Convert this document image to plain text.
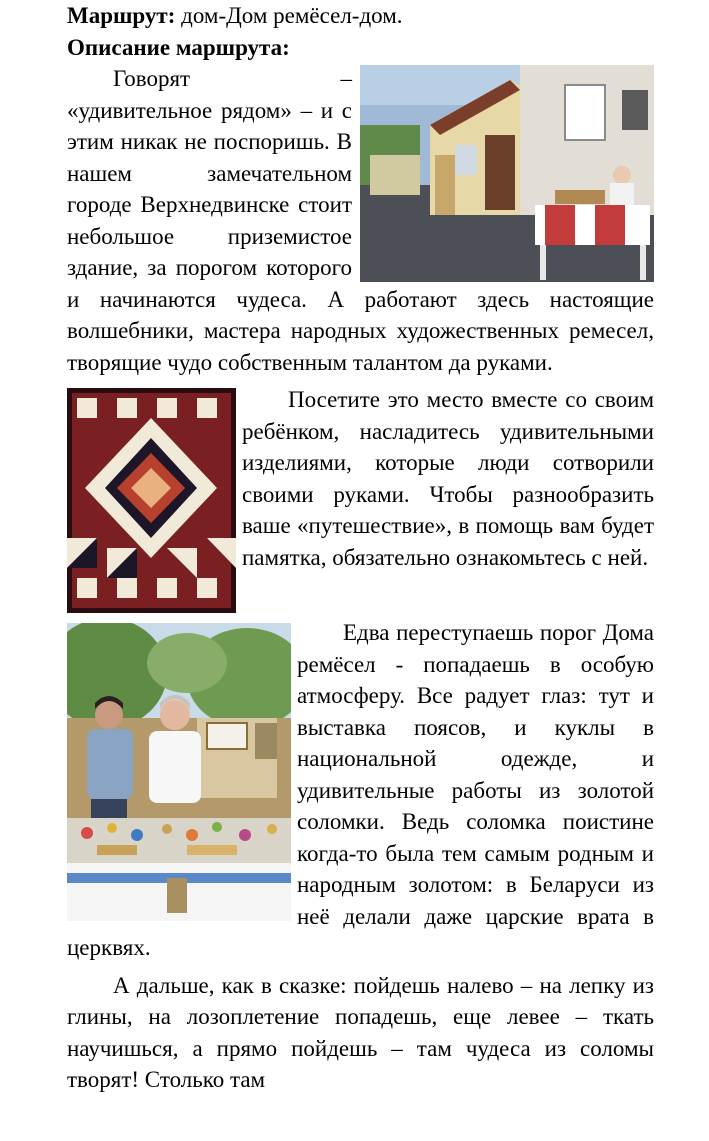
Маршрут: дом-Дом ремёсел-дом.

Описание маршрута:

Говорят – «удивительное рядом» – и с этим никак не поспоришь. В нашем замечательном городе Верхнедвинске стоит небольшое приземистое здание, за порогом которого и начинаются чудеса. А работают здесь настоящие волшебники, мастера народных художественных ремесел, творящие чудо собственным талантом да руками.

Посетите это место вместе со своим ребёнком, насладитесь удивительными изделиями, которые люди сотворили своими руками. Чтобы разнообразить ваше «путешествие», в помощь вам будет памятка, обязательно ознакомьтесь с ней.

Едва переступаешь порог Дома ремёсел - попадаешь в особую атмосферу. Все радует глаз: тут и выставка поясов, и куклы в национальной одежде, и удивительные работы из золотой соломки. Ведь соломка поистине когда-то была тем самым родным и народным золотом: в Беларуси из неё делали даже царские врата в церквях.

А дальше, как в сказке: пойдешь налево – на лепку из глины, на лозоплетение попадешь, еще левее – ткать научишься, а прямо пойдешь – там чудеса из соломы творят! Столько там
